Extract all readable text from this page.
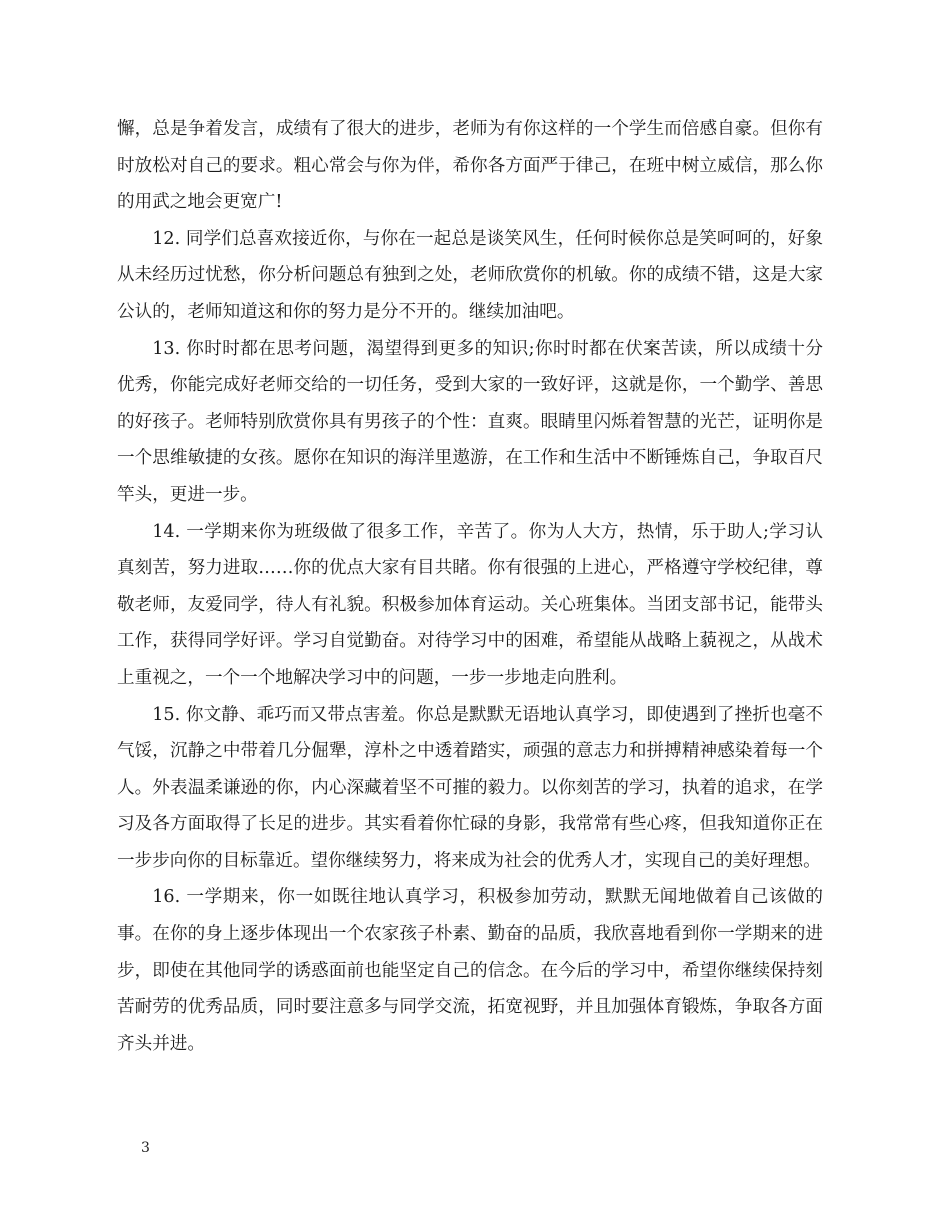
懈，总是争着发言，成绩有了很大的进步，老师为有你这样的一个学生而倍感自豪。但你有时放松对自己的要求。粗心常会与你为伴，希你各方面严于律己，在班中树立威信，那么你的用武之地会更宽广!

12. 同学们总喜欢接近你，与你在一起总是谈笑风生，任何时候你总是笑呵呵的，好象从未经历过忧愁，你分析问题总有独到之处，老师欣赏你的机敏。你的成绩不错，这是大家公认的，老师知道这和你的努力是分不开的。继续加油吧。

13. 你时时都在思考问题，渴望得到更多的知识;你时时都在伏案苦读，所以成绩十分优秀，你能完成好老师交给的一切任务，受到大家的一致好评，这就是你，一个勤学、善思的好孩子。老师特别欣赏你具有男孩子的个性：直爽。眼睛里闪烁着智慧的光芒，证明你是一个思维敏捷的女孩。愿你在知识的海洋里遨游，在工作和生活中不断锤炼自己，争取百尺竿头，更进一步。

14. 一学期来你为班级做了很多工作，辛苦了。你为人大方，热情，乐于助人;学习认真刻苦，努力进取……你的优点大家有目共睹。你有很强的上进心，严格遵守学校纪律，尊敬老师，友爱同学，待人有礼貌。积极参加体育运动。关心班集体。当团支部书记，能带头工作，获得同学好评。学习自觉勤奋。对待学习中的困难，希望能从战略上藐视之，从战术上重视之，一个一个地解决学习中的问题，一步一步地走向胜利。

15. 你文静、乖巧而又带点害羞。你总是默默无语地认真学习，即使遇到了挫折也毫不气馁，沉静之中带着几分倔犟，淳朴之中透着踏实，顽强的意志力和拼搏精神感染着每一个人。外表温柔谦逊的你，内心深藏着坚不可摧的毅力。以你刻苦的学习，执着的追求，在学习及各方面取得了长足的进步。其实看着你忙碌的身影，我常常有些心疼，但我知道你正在一步步向你的目标靠近。望你继续努力，将来成为社会的优秀人才，实现自己的美好理想。

16. 一学期来，你一如既往地认真学习，积极参加劳动，默默无闻地做着自己该做的事。在你的身上逐步体现出一个农家孩子朴素、勤奋的品质，我欣喜地看到你一学期来的进步，即使在其他同学的诱惑面前也能坚定自己的信念。在今后的学习中，希望你继续保持刻苦耐劳的优秀品质，同时要注意多与同学交流，拓宽视野，并且加强体育锻炼，争取各方面齐头并进。

3
